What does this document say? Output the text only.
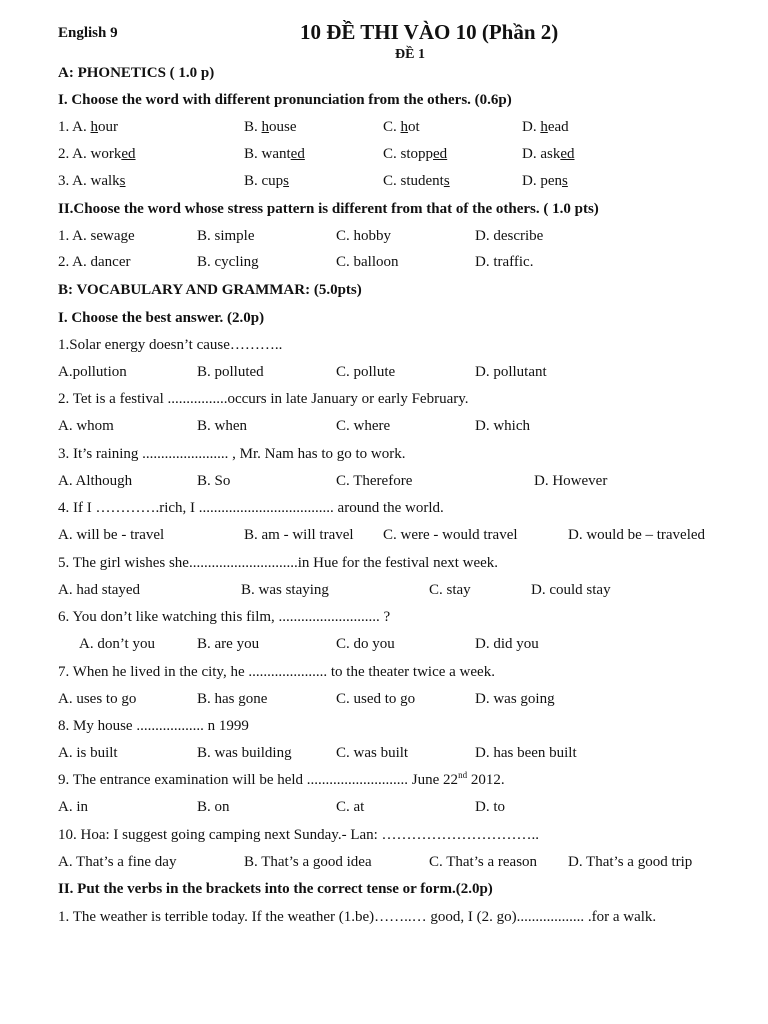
English 9	10 ĐỀ THI VÀO 10 (Phần 2)
ĐỀ 1
A: PHONETICS ( 1.0 p)
I. Choose the word with different pronunciation from the others. (0.6p)
1. A. hour	B. house	C. hot	D. head
2. A. worked	B. wanted	C. stopped	D. asked
3. A. walks	B. cups	C. students	D. pens
II.Choose the word whose stress pattern is different from that of the others. ( 1.0 pts)
1. A. sewage	B. simple	C. hobby	D. describe
2. A. dancer	B. cycling	C. balloon	D. traffic.
B: VOCABULARY AND GRAMMAR: (5.0pts)
I. Choose the best answer. (2.0p)
1.Solar energy doesn’t cause………..
A.pollution	B. polluted	C. pollute	D. pollutant
2. Tet is a festival ................occurs in late January or early February.
A. whom	B. when	C. where	D. which
3. It’s raining ....................... , Mr. Nam has to go to work.
A. Although	B. So	C. Therefore	D. However
4. If I ………….rich, I .................................... around the world.
A. will be - travel	B. am - will travel C. were - would travel	D. would be – traveled
5. The girl wishes she.............................in Hue for the festival next week.
A. had stayed	B. was staying	C. stay	D. could stay
6. You don’t like watching this film, ........................... ?
A. don’t you	B. are you	C. do you	D. did you
7. When he lived in the city, he ..................... to the theater twice a week.
A. uses to go	B. has gone	C. used to go	D. was going
8. My house .................. n 1999
A. is built	B. was building	C. was built	D. has been built
9. The entrance examination will be held ........................... June 22nd 2012.
A. in	B. on	C. at	D. to
10. Hoa: I suggest going camping next Sunday.- Lan: …………………………..
A. That’s a fine day	B. That’s a good idea	C. That’s a reason D. That’s a good trip
II. Put the verbs in the brackets into the correct tense or form.(2.0p)
1. The weather is terrible today. If the weather (1.be)……..… good, I (2. go).................. .for a walk.
